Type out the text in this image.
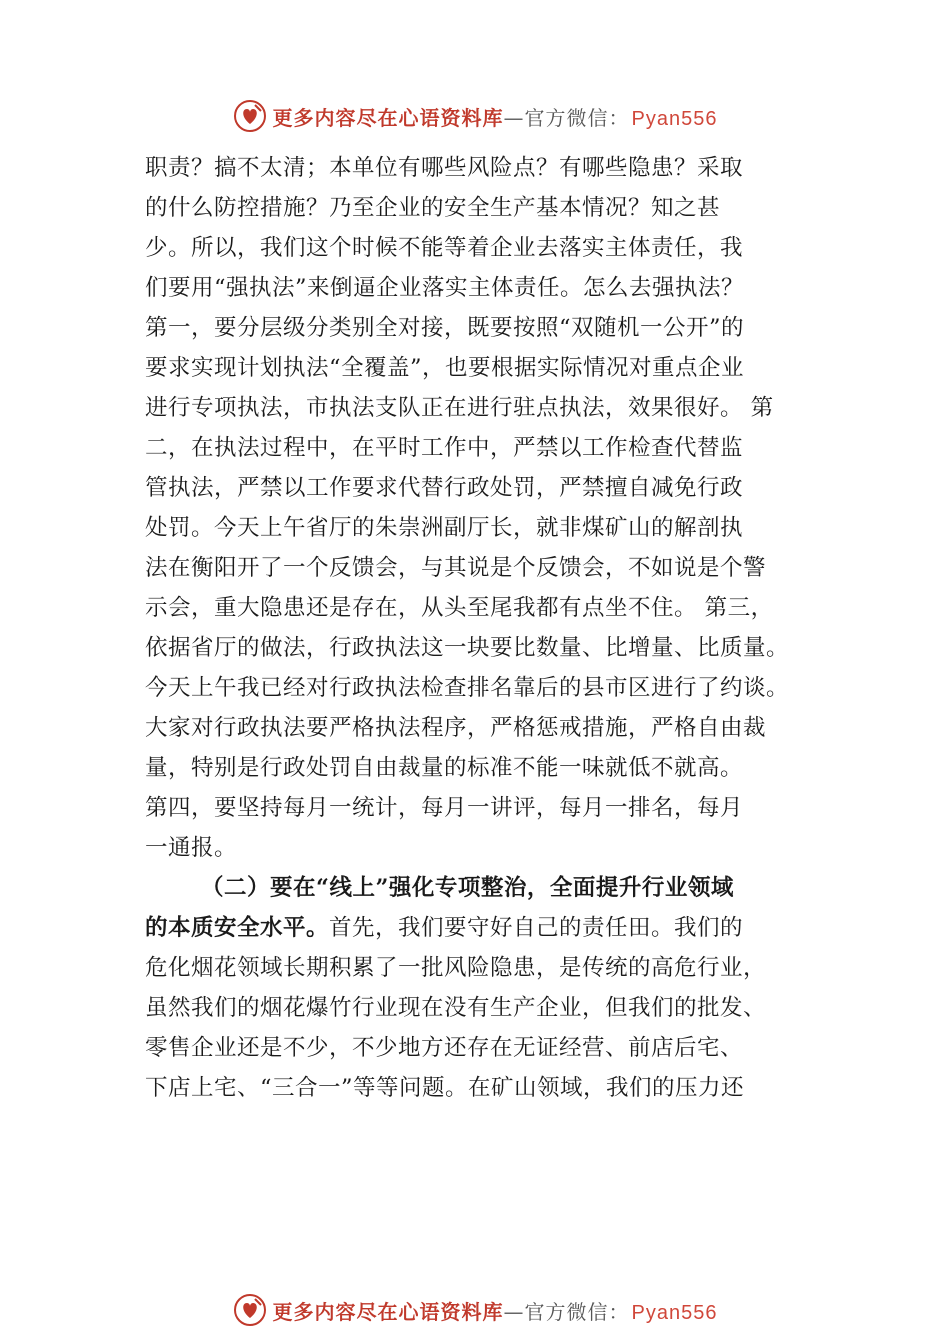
更多内容尽在心语资料库 — 官方微信： Pyan556
职责？搞不太清；本单位有哪些风险点？有哪些隐患？采取
的什么防控措施？乃至企业的安全生产基本情况？知之甚
少。所以，我们这个时候不能等着企业去落实主体责任，我
们要用“强执法”来倒逼企业落实主体责任。怎么去强执法？
第一，要分层级分类别全对接，既要按照“双随机一公开”的
要求实现计划执法“全覆盖”，也要根据实际情况对重点企业
进行专项执法，市执法支队正在进行驻点执法，效果很好。 第
二，在执法过程中，在平时工作中，严禁以工作检查代替监
管执法，严禁以工作要求代替行政处罚，严禁擅自减免行政
处罚。今天上午省厅的朱崇洲副厅长，就非煤矿山的解剖执
法在衡阳开了一个反馈会，与其说是个反馈会，不如说是个警
示会，重大隐患还是存在，从头至尾我都有点坐不住。 第三，
依据省厅的做法，行政执法这一块要比数量、比增量、比质量。
今天上午我已经对行政执法检查排名靠后的县市区进行了约谈。
大家对行政执法要严格执法程序，严格惩戒措施，严格自由裁
量，特别是行政处罚自由裁量的标准不能一味就低不就高。
第四，要坚持每月一统计，每月一讲评，每月一排名，每月
一通报。
（二）要在“线上”强化专项整治，全面提升行业领域
的本质安全水平。首先，我们要守好自己的责任田。我们的
危化烟花领域长期积累了一批风险隐患，是传统的高危行业，
虽然我们的烟花爆竹行业现在没有生产企业，但我们的批发、
零售企业还是不少，不少地方还存在无证经营、前店后宅、
下店上宅、“三合一”等等问题。在矿山领域，我们的压力还
更多内容尽在心语资料库 — 官方微信： Pyan556
